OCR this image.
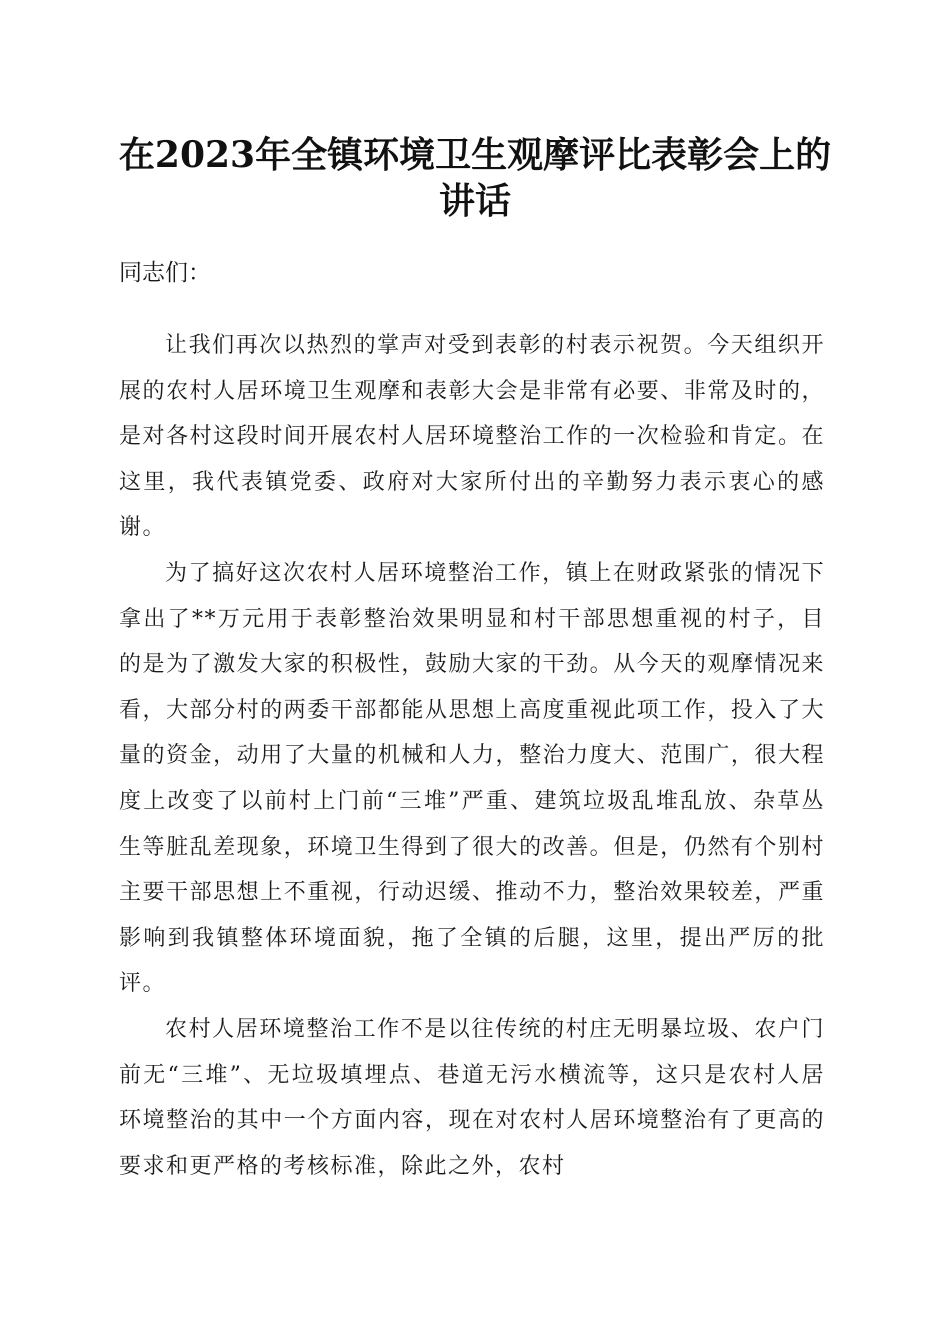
在2023年全镇环境卫生观摩评比表彰会上的讲话

同志们：

让我们再次以热烈的掌声对受到表彰的村表示祝贺。今天组织开展的农村人居环境卫生观摩和表彰大会是非常有必要、非常及时的，是对各村这段时间开展农村人居环境整治工作的一次检验和肯定。在这里，我代表镇党委、政府对大家所付出的辛勤努力表示衷心的感谢。

为了搞好这次农村人居环境整治工作，镇上在财政紧张的情况下拿出了**万元用于表彰整治效果明显和村干部思想重视的村子，目的是为了激发大家的积极性，鼓励大家的干劲。从今天的观摩情况来看，大部分村的两委干部都能从思想上高度重视此项工作，投入了大量的资金，动用了大量的机械和人力，整治力度大、范围广，很大程度上改变了以前村上门前“三堆”严重、建筑垃圾乱堆乱放、杂草丛生等脏乱差现象，环境卫生得到了很大的改善。但是，仍然有个别村主要干部思想上不重视，行动迟缓、推动不力，整治效果较差，严重影响到我镇整体环境面貌，拖了全镇的后腿，这里，提出严厉的批评。

农村人居环境整治工作不是以往传统的村庄无明暴垃圾、农户门前无“三堆”、无垃圾填埋点、巷道无污水横流等，这只是农村人居环境整治的其中一个方面内容，现在对农村人居环境整治有了更高的要求和更严格的考核标准，除此之外，农村
